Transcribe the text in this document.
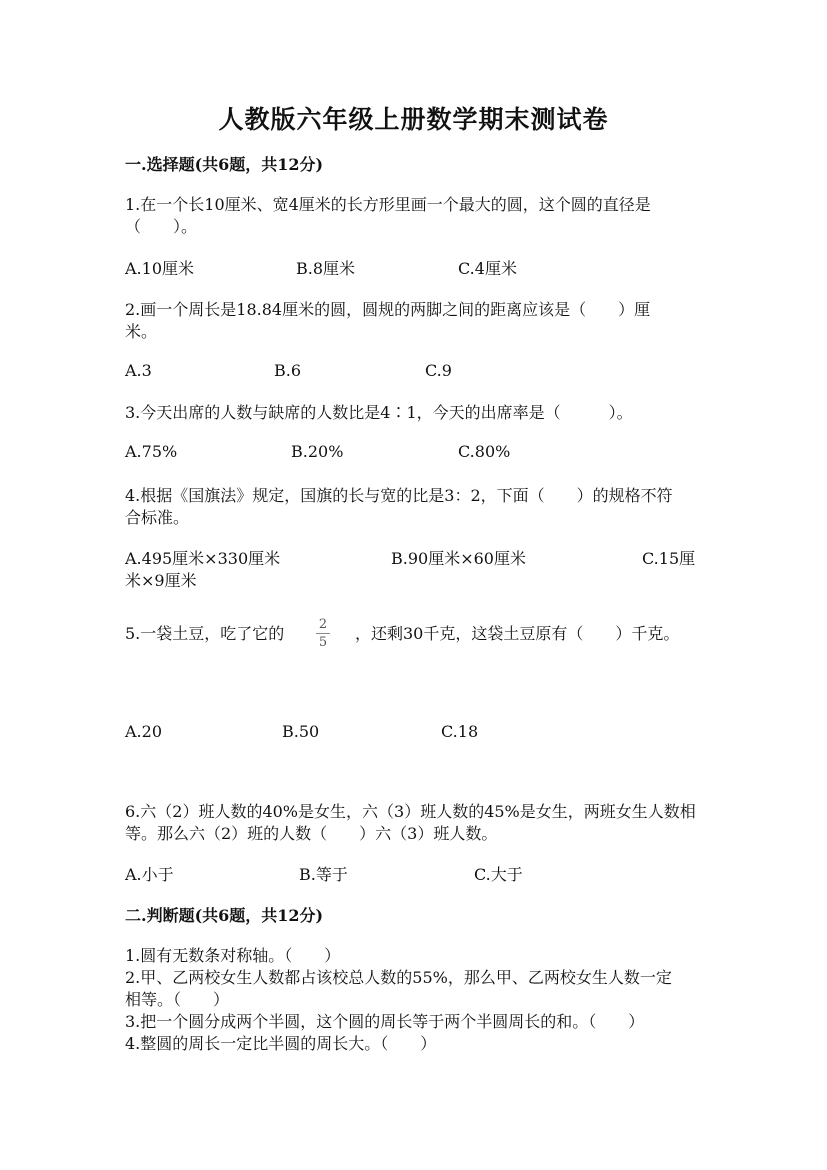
人教版六年级上册数学期末测试卷
一.选择题(共6题，共12分)
1.在一个长10厘米、宽4厘米的长方形里画一个最大的圆，这个圆的直径是
（　　）。
A.10厘米	B.8厘米	C.4厘米
2.画一个周长是18.84厘米的圆，圆规的两脚之间的距离应该是（　　）厘
米。
A.3	B.6	C.9
3.今天出席的人数与缺席的人数比是4∶1，今天的出席率是（　　　）。
A.75%	B.20%	C.80%
4.根据《国旗法》规定，国旗的长与宽的比是3：2，下面（　　）的规格不符
合标准。
A.495厘米×330厘米	B.90厘米×60厘米	C.15厘
米×9厘米
5.一袋土豆，吃了它的	2
5 ，还剩30千克，这袋土豆原有（　　）千克。
A.20	B.50	C.18
6.六（2）班人数的40%是女生，六（3）班人数的45%是女生，两班女生人数相
等。那么六（2）班的人数（　　）六（3）班人数。
A.小于	B.等于	C.大于
二.判断题(共6题，共12分)
1.圆有无数条对称轴。（　　）
2.甲、乙两校女生人数都占该校总人数的55%，那么甲、乙两校女生人数一定
相等。（　　）
3.把一个圆分成两个半圆，这个圆的周长等于两个半圆周长的和。（　　）
4.整圆的周长一定比半圆的周长大。（　　）
